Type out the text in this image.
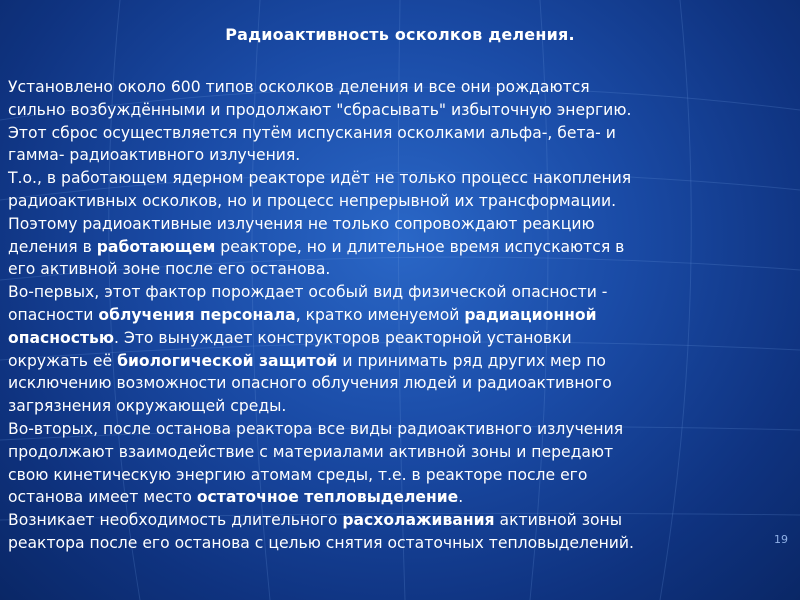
Радиоактивность осколков деления.
Установлено около 600 типов осколков деления и все они рождаются
сильно возбуждёнными и продолжают "сбрасывать" избыточную энергию.
Этот сброс осуществляется путём испускания осколками альфа-, бета- и
гамма- радиоактивного излучения.
Т.о., в работающем ядерном реакторе идёт не только процесс накопления
радиоактивных осколков, но и процесс непрерывной их трансформации.
Поэтому радиоактивные излучения не только сопровождают реакцию
деления в работающем реакторе, но и длительное время испускаются в
его активной зоне после его останова.
Во-первых, этот фактор порождает особый вид физической опасности -
опасности облучения персонала, кратко именуемой радиационной
опасностью. Это вынуждает конструкторов реакторной установки
окружать её биологической защитой и принимать ряд других мер по
исключению возможности опасного облучения людей и радиоактивного
загрязнения окружающей среды.
Во-вторых, после останова реактора все виды радиоактивного излучения
продолжают взаимодействие с материалами активной зоны и передают
свою кинетическую энергию атомам среды, т.е. в реакторе после его
останова имеет место остаточное тепловыделение.
Возникает необходимость длительного расхолаживания активной зоны
реактора после его останова с целью снятия остаточных тепловыделений.	19
